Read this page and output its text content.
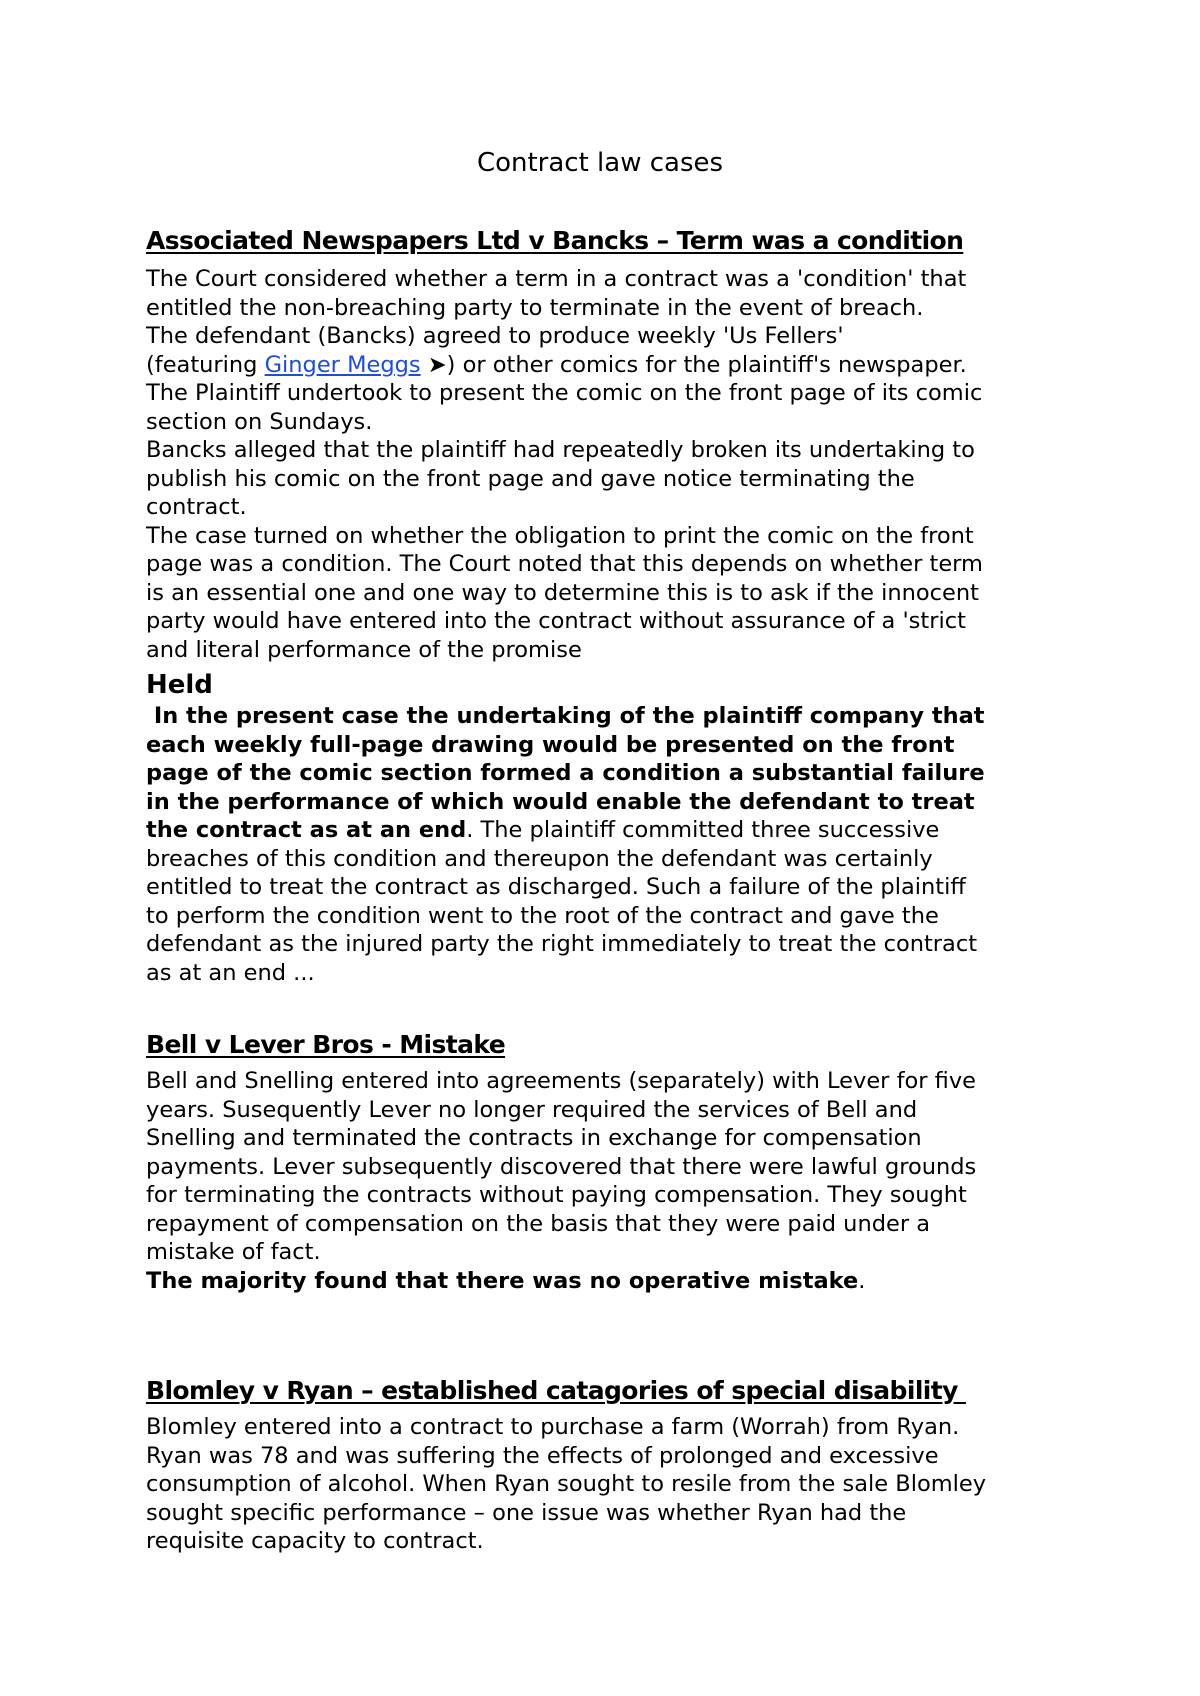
Contract law cases
Associated Newspapers Ltd v Bancks – Term was a condition
The Court considered whether a term in a contract was a 'condition' that
entitled the non-breaching party to terminate in the event of breach.
The defendant (Bancks) agreed to produce weekly 'Us Fellers'
(featuring Ginger Meggs ➤) or other comics for the plaintiff's newspaper.
The Plaintiff undertook to present the comic on the front page of its comic
section on Sundays.
Bancks alleged that the plaintiff had repeatedly broken its undertaking to
publish his comic on the front page and gave notice terminating the
contract.
The case turned on whether the obligation to print the comic on the front
page was a condition. The Court noted that this depends on whether term
is an essential one and one way to determine this is to ask if the innocent
party would have entered into the contract without assurance of a 'strict
and literal performance of the promise
Held
In the present case the undertaking of the plaintiff company that
each weekly full-page drawing would be presented on the front
page of the comic section formed a condition a substantial failure
in the performance of which would enable the defendant to treat
the contract as at an end. The plaintiff committed three successive
breaches of this condition and thereupon the defendant was certainly
entitled to treat the contract as discharged. Such a failure of the plaintiff
to perform the condition went to the root of the contract and gave the
defendant as the injured party the right immediately to treat the contract
as at an end ...
Bell v Lever Bros - Mistake
Bell and Snelling entered into agreements (separately) with Lever for five
years. Susequently Lever no longer required the services of Bell and
Snelling and terminated the contracts in exchange for compensation
payments. Lever subsequently discovered that there were lawful grounds
for terminating the contracts without paying compensation. They sought
repayment of compensation on the basis that they were paid under a
mistake of fact.
The majority found that there was no operative mistake.
Blomley v Ryan – established catagories of special disability
Blomley entered into a contract to purchase a farm (Worrah) from Ryan.
Ryan was 78 and was suffering the effects of prolonged and excessive
consumption of alcohol. When Ryan sought to resile from the sale Blomley
sought specific performance – one issue was whether Ryan had the
requisite capacity to contract.
